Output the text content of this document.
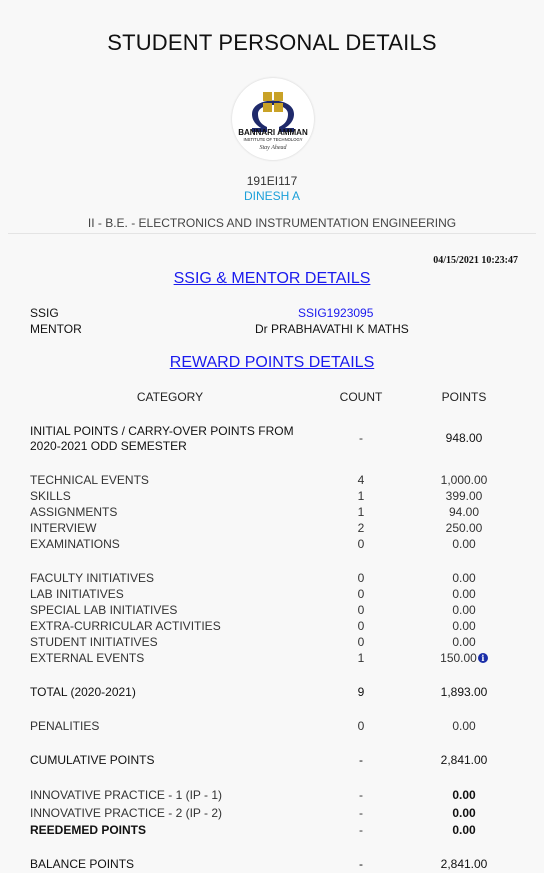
STUDENT PERSONAL DETAILS
BANNARI AMMAN
INSTITUTE OF TECHNOLOGY
Stay Ahead
191EI117
DINESH A
II - B.E. - ELECTRONICS AND INSTRUMENTATION ENGINEERING
04/15/2021 10:23:47
SSIG & MENTOR DETAILS
SSIG	SSIG1923095
MENTOR	Dr PRABHAVATHI K MATHS
REWARD POINTS DETAILS
CATEGORY	COUNT	POINTS
INITIAL POINTS / CARRY-OVER POINTS FROM 2020-2021 ODD SEMESTER
-	948.00
TECHNICAL EVENTS	4	1,000.00
SKILLS	1	399.00
ASSIGNMENTS	1	94.00
INTERVIEW	2	250.00
EXAMINATIONS	0	0.00
FACULTY INITIATIVES	0	0.00
LAB INITIATIVES	0	0.00
SPECIAL LAB INITIATIVES	0	0.00
EXTRA-CURRICULAR ACTIVITIES	0	0.00
STUDENT INITIATIVES	0	0.00
EXTERNAL EVENTS	1	150.00 i
TOTAL (2020-2021)	9	1,893.00
PENALITIES	0	0.00
CUMULATIVE POINTS	-	2,841.00
INNOVATIVE PRACTICE - 1 (IP - 1)	-	0.00
INNOVATIVE PRACTICE - 2 (IP - 2)	-	0.00
REEDEMED POINTS	-	0.00
BALANCE POINTS	-	2,841.00
